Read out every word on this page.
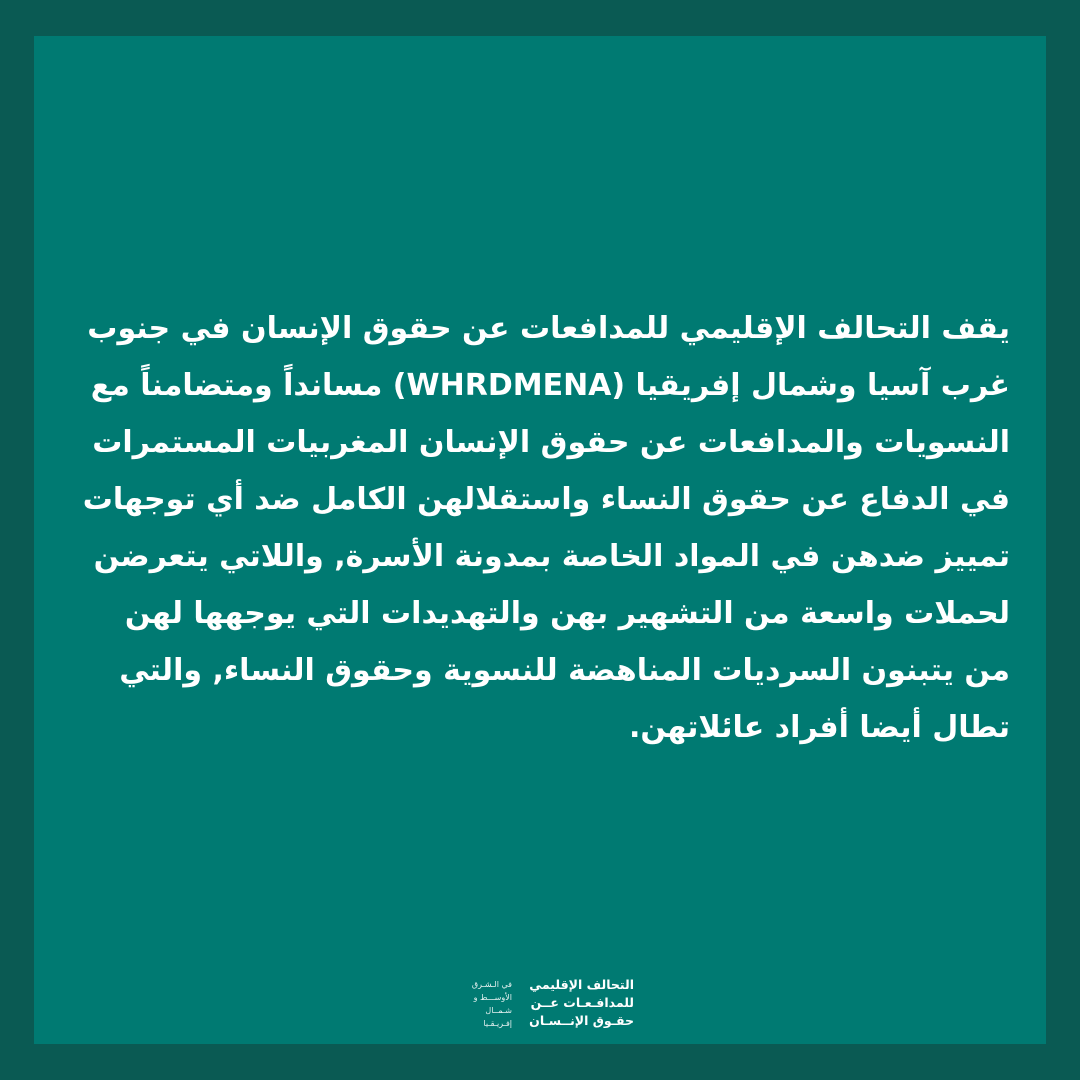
يقف التحالف الإقليمي للمدافعات عن حقوق الإنسان في جنوب
غرب آسيا وشمال إفريقيا (WHRDMENA) مسانداً ومتضامناً مع
النسويات والمدافعات عن حقوق الإنسان المغربيات المستمرات
في الدفاع عن حقوق النساء واستقلالهن الكامل ضد أي توجهات
تمييز ضدهن في المواد الخاصة بمدونة الأسرة, واللاتي يتعرضن
لحملات واسعة من التشهير بهن والتهديدات التي يوجهها لهن
من يتبنون السرديات المناهضة للنسوية وحقوق النساء, والتي
تطال أيضا أفراد عائلاتهن.
التحالف الإقليمي
للمدافـعـات عــن
حقـوق الإنــسـان
في الـشـرق
الأوســـط و
شـمــال
إفـريـقـيا
